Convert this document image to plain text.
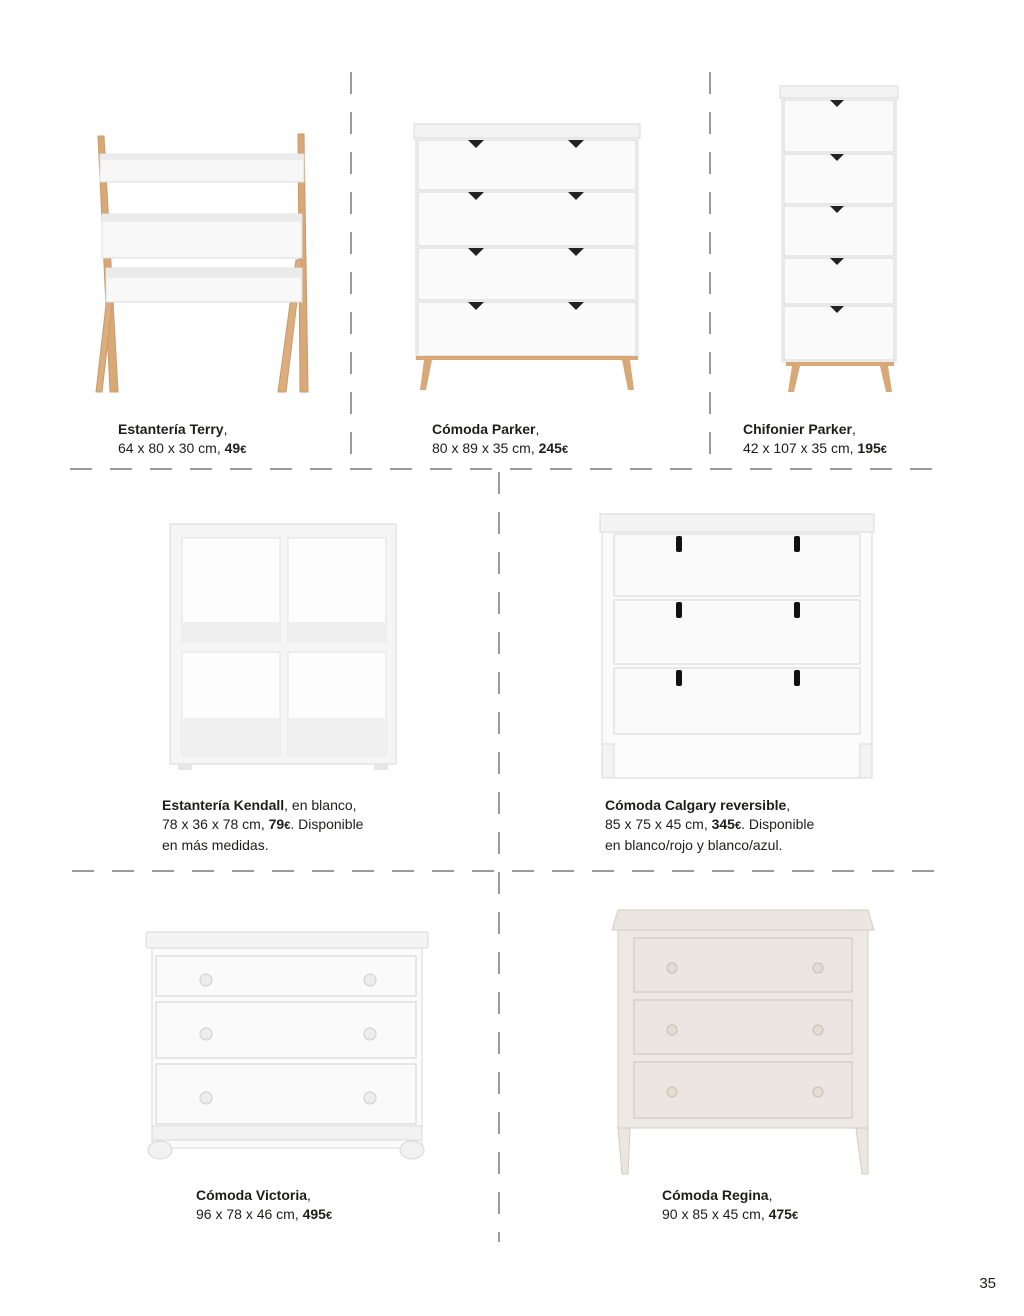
Estantería Terry,
64 x 80 x 30 cm, 49€
Cómoda Parker,
80 x 89 x 35 cm, 245€
Chifonier Parker,
42 x 107 x 35 cm, 195€
Estantería Kendall, en blanco,
78 x 36 x 78 cm, 79€. Disponible
en más medidas.
Cómoda Calgary reversible,
85 x 75 x 45 cm, 345€. Disponible
en blanco/rojo y blanco/azul.
Cómoda Victoria,
96 x 78 x 46 cm, 495€
Cómoda Regina,
90 x 85 x 45 cm, 475€
35
